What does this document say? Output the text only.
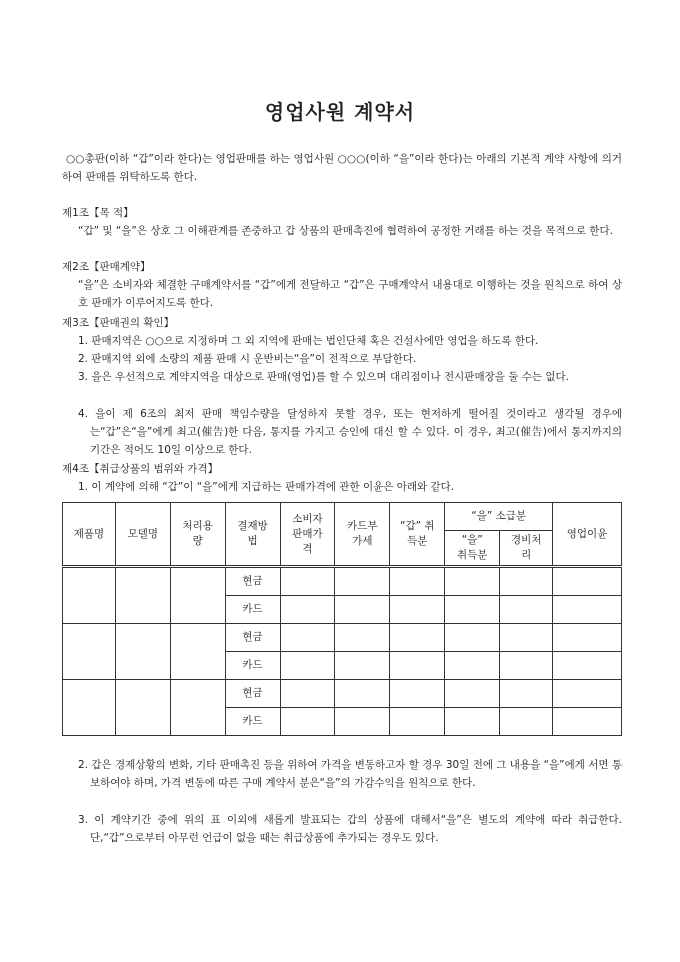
영업사원 계약서
○○총판(이하 “갑”이라 한다)는 영업판매를 하는 영업사원 ○○○(이하 “을”이라 한다)는 아래의 기본적 계약 사항에 의거하여 판매를 위탁하도록 한다.
제1조【목 적】
“갑” 및 “을”은 상호 그 이해관계를 존중하고 갑 상품의 판매촉진에 협력하여 공정한 거래를 하는 것을 목적으로 한다.
제2조【판매계약】
“을”은 소비자와 체결한 구매계약서를 “갑”에게 전달하고 “갑”은 구매계약서 내용대로 이행하는 것을 원칙으로 하여 상호 판매가 이루어지도록 한다.
제3조【판매권의 확인】
1. 판매지역은 ○○으로 지정하며 그 외 지역에 판매는 법인단체 혹은 건설사에만 영업을 하도록 한다.
2. 판매지역 외에 소량의 제품 판매 시 운반비는“을”이 전적으로 부담한다.
3. 을은 우선적으로 계약지역을 대상으로 판매(영업)를 할 수 있으며 대리점이나 전시판매장을 둘 수는 없다.
4. 을이 제 6조의 최저 판매 책임수량을 달성하지 못할 경우, 또는 현저하게 떨어질 것이라고 생각될 경우에는“갑”은“을”에게 최고(催告)한 다음, 통지를 가지고 승인에 대신 할 수 있다. 이 경우, 최고(催告)에서 통지까지의 기간은 적어도 10일 이상으로 한다.
제4조【취급상품의 범위와 가격】
1. 이 계약에 의해 “갑”이 “을”에게 지급하는 판매가격에 관한 이윤은 아래와 같다.
제품명	모델명	처리용량	결재방법	소비자판매가격	카드부가세	“갑” 취득분	“을” 소급분		영업이윤
							“을” 취득분	경비처리	
			현금						
			카드						
			현금						
			카드						
			현금						
			카드						
2. 갑은 경제상황의 변화, 기타 판매촉진 등을 위하여 가격을 변동하고자 할 경우 30일 전에 그 내용을 “을”에게 서면 통보하여야 하며, 가격 변동에 따른 구매 계약서 분은“을”의 가감수익을 원칙으로 한다.
3. 이 계약기간 중에 위의 표 이외에 새롭게 발표되는 갑의 상품에 대해서“을”은 별도의 계약에 따라 취급한다. 단,“갑”으로부터 아무런 언급이 없을 때는 취급상품에 추가되는 경우도 있다.
